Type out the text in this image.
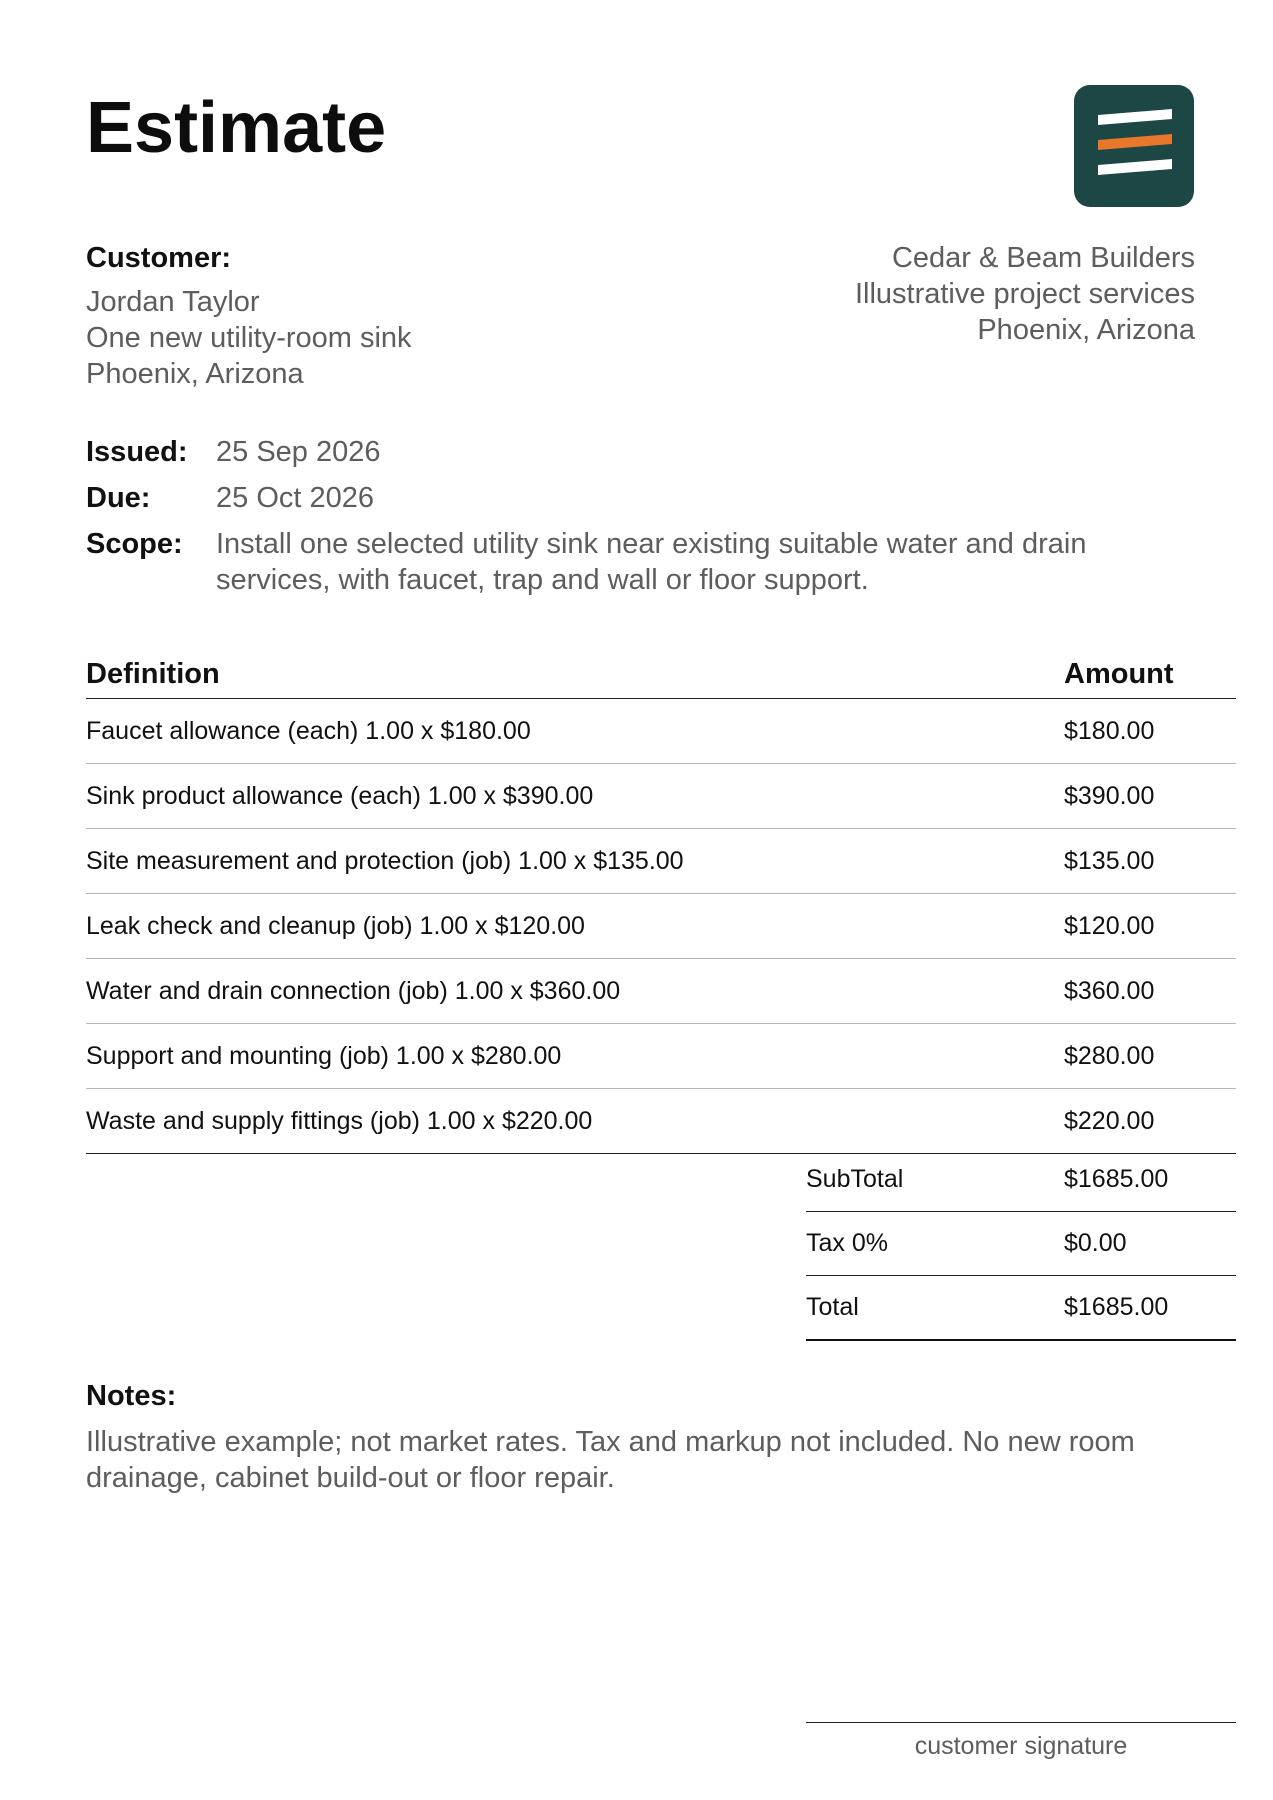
Estimate
Customer:
Jordan Taylor
One new utility-room sink
Phoenix, Arizona
Cedar & Beam Builders
Illustrative project services
Phoenix, Arizona
Issued: 25 Sep 2026
Due:	25 Oct 2026
Scope:	Install one selected utility sink near existing suitable water and drain services, with faucet, trap and wall or floor support.
Definition	Amount
Faucet allowance (each) 1.00 x $180.00	$180.00
Sink product allowance (each) 1.00 x $390.00	$390.00
Site measurement and protection (job) 1.00 x $135.00	$135.00
Leak check and cleanup (job) 1.00 x $120.00	$120.00
Water and drain connection (job) 1.00 x $360.00	$360.00
Support and mounting (job) 1.00 x $280.00	$280.00
Waste and supply fittings (job) 1.00 x $220.00	$220.00
SubTotal	$1685.00
Tax 0%	$0.00
Total	$1685.00
Notes:
Illustrative example; not market rates. Tax and markup not included. No new room drainage, cabinet build-out or floor repair.
customer signature
